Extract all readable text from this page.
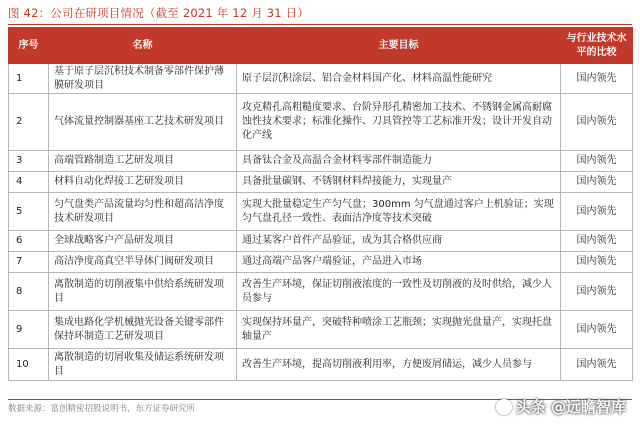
图 42：公司在研项目情况（截至 2021 年 12 月 31 日）
序号	名称	主要目标	与行业技术水平的比较
1	基于原子层沉积技术制备零部件保护薄膜研发项目	原子层沉积涂层、铝合金材料国产化、材料高温性能研究	国内领先
2	气体流量控制器基座工艺技术研发项目	攻克精孔高粗糙度要求、台阶异形孔精密加工技术、不锈钢金属高耐腐蚀性技术要求；标准化操作、刀具管控等工艺标准开发；设计开发自动化产线	国内领先
3	高端管路制造工艺研发项目	具备钛合金及高温合金材料零部件制造能力	国内领先
4	材料自动化焊接工艺研发项目	具备批量碳钢、不锈钢材料焊接能力，实现量产	国内领先
5	匀气盘类产品流量均匀性和超高洁净度技术研发项目	实现大批量稳定生产匀气盘；300mm 匀气盘通过客户上机验证；实现匀气盘孔径一致性、表面洁净度等技术突破	国内领先
6	全球战略客户产品研发项目	通过某客户首件产品验证，成为其合格供应商	国内领先
7	高洁净度高真空半导体门阀研发项目	通过高端产品客户端验证，产品进入市场	国内领先
8	离散制造的切削液集中供给系统研发项目	改善生产环境，保证切削液浓度的一致性及切削液的及时供给，减少人员参与	国内领先
9	集成电路化学机械抛光设备关键零部件保持环制造工艺研发项目	实现保持环量产，突破特种喷涂工艺瓶颈；实现抛光盘量产，实现托盘轴量产	国内领先
10	离散制造的切屑收集及储运系统研发项目	改善生产环境，提高切削液利用率，方便废屑储运，减少人员参与	国内领先
数据来源：富创精密招股说明书，东方证券研究所	头条 @远瞻智库
